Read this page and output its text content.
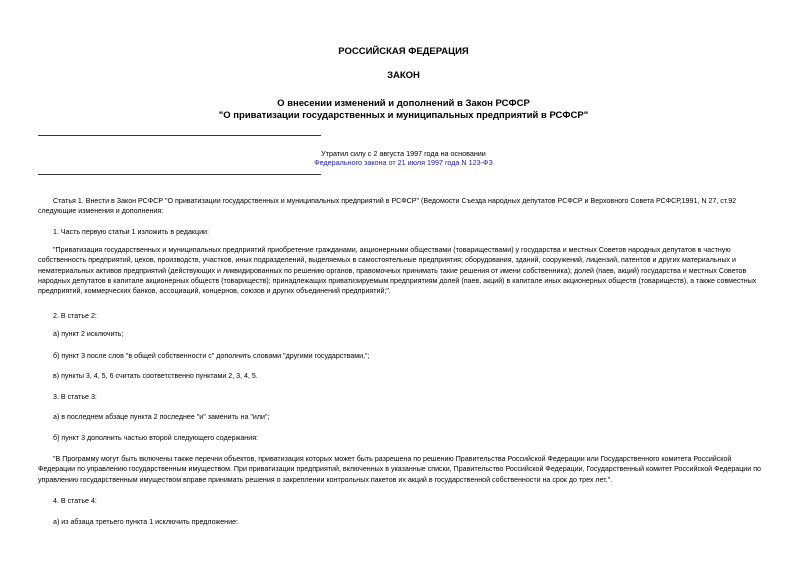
РОССИЙСКАЯ ФЕДЕРАЦИЯ
ЗАКОН
О внесении изменений и дополнений в Закон РСФСР
"О приватизации государственных и муниципальных предприятий в РСФСР"
Утратил силу с 2 августа 1997 года на основании
Федерального закона от 21 июля 1997 года N 123-ФЗ
Статья 1. Внести в Закон РСФСР "О приватизации государственных и муниципальных предприятий в РСФСР" (Ведомости Съезда народных депутатов РСФСР и Верховного Совета РСФСР,1991, N 27, ст.92
следующие изменения и дополнения:
1. Часть первую статьи 1 изложить в редакции:
"Приватизация государственных и муниципальных предприятий приобретение гражданами, акционерными обществами (товариществами) у государства и местных Советов народных депутатов в частную
собственность предприятий, цехов, производств, участков, иных подразделений, выделяемых в самостоятельные предприятия; оборудования, зданий, сооружений, лицензий, патентов и других материальных и
нематериальных активов предприятий (действующих и ликвидированных по решению органов, правомочных принимать такие решения от имени собственника); долей (паев, акций) государства и местных Советов
народных депутатов в капитале акционерных обществ (товариществ); принадлежащих приватизируемым предприятиям долей (паев, акций) в капитале иных акционерных обществ (товариществ), а также совместных
предприятий, коммерческих банков, ассоциаций, концернов, союзов и других объединений предприятий;".
2. В статье 2:
а) пункт 2 исключить;
б) пункт 3 после слов "в общей собственности с" дополнить словами "другими государствами,";
в) пункты 3, 4, 5, 6 считать соответственно пунктами 2, 3, 4, 5.
3. В статье 3:
а) в последнем абзаце пункта 2 последнее "и" заменить на "или";
б) пункт 3 дополнить частью второй следующего содержания:
"В Программу могут быть включены также перечни объектов, приватизация которых может быть разрешена по решению Правительства Российской Федерации или Государственного комитета Российской
Федерации по управлению государственным имуществом. При приватизации предприятий, включенных в указанные списки, Правительство Российской Федерации, Государственный комитет Российской Федерации по
управлению государственным имуществом вправе принимать решения о закреплении контрольных пакетов их акций в государственной собственности на срок до трех лет.".
4. В статье 4:
а) из абзаца третьего пункта 1 исключить предложение:
